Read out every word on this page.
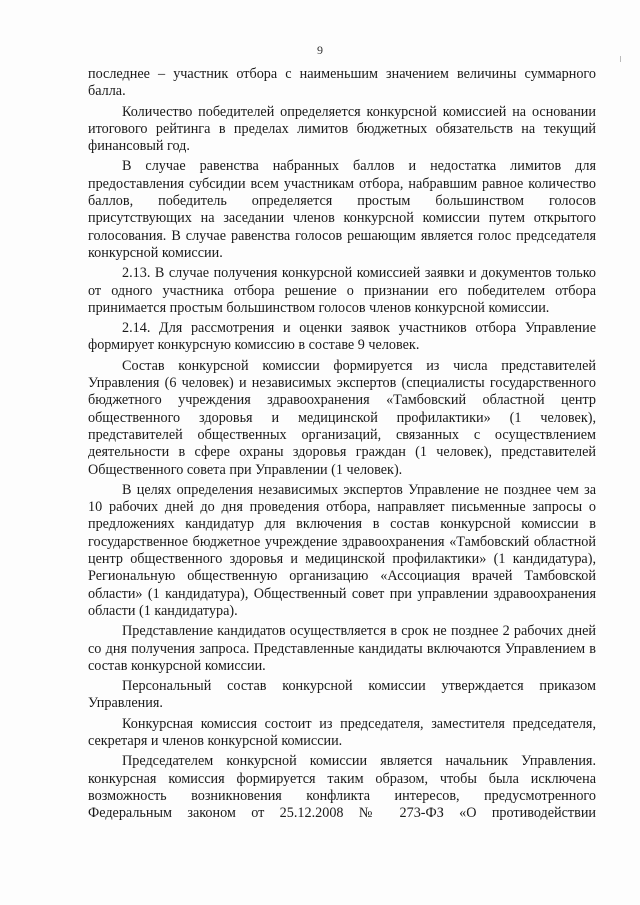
9

последнее – участник отбора с наименьшим значением величины суммарного балла.

Количество победителей определяется конкурсной комиссией на основании итогового рейтинга в пределах лимитов бюджетных обязательств на текущий финансовый год.

В случае равенства набранных баллов и недостатка лимитов для предоставления субсидии всем участникам отбора, набравшим равное количество баллов, победитель определяется простым большинством голосов присутствующих на заседании членов конкурсной комиссии путем открытого голосования. В случае равенства голосов решающим является голос председателя конкурсной комиссии.

2.13. В случае получения конкурсной комиссией заявки и документов только от одного участника отбора решение о признании его победителем отбора принимается простым большинством голосов членов конкурсной комиссии.

2.14. Для рассмотрения и оценки заявок участников отбора Управление формирует конкурсную комиссию в составе 9 человек.

Состав конкурсной комиссии формируется из числа представителей Управления (6 человек) и независимых экспертов (специалисты государственного бюджетного учреждения здравоохранения «Тамбовский областной центр общественного здоровья и медицинской профилактики» (1 человек), представителей общественных организаций, связанных с осуществлением деятельности в сфере охраны здоровья граждан (1 человек), представителей Общественного совета при Управлении (1 человек).

В целях определения независимых экспертов Управление не позднее чем за 10 рабочих дней до дня проведения отбора, направляет письменные запросы о предложениях кандидатур для включения в состав конкурсной комиссии в государственное бюджетное учреждение здравоохранения «Тамбовский областной центр общественного здоровья и медицинской профилактики» (1 кандидатура), Региональную общественную организацию «Ассоциация врачей Тамбовской области» (1 кандидатура), Общественный совет при управлении здравоохранения области (1 кандидатура).

Представление кандидатов осуществляется в срок не позднее 2 рабочих дней со дня получения запроса. Представленные кандидаты включаются Управлением в состав конкурсной комиссии.

Персональный состав конкурсной комиссии утверждается приказом Управления.

Конкурсная комиссия состоит из председателя, заместителя председателя, секретаря и членов конкурсной комиссии.

Председателем конкурсной комиссии является начальник Управления. конкурсная комиссия формируется таким образом, чтобы была исключена возможность возникновения конфликта интересов, предусмотренного Федеральным законом от 25.12.2008 № 273-ФЗ «О противодействии
